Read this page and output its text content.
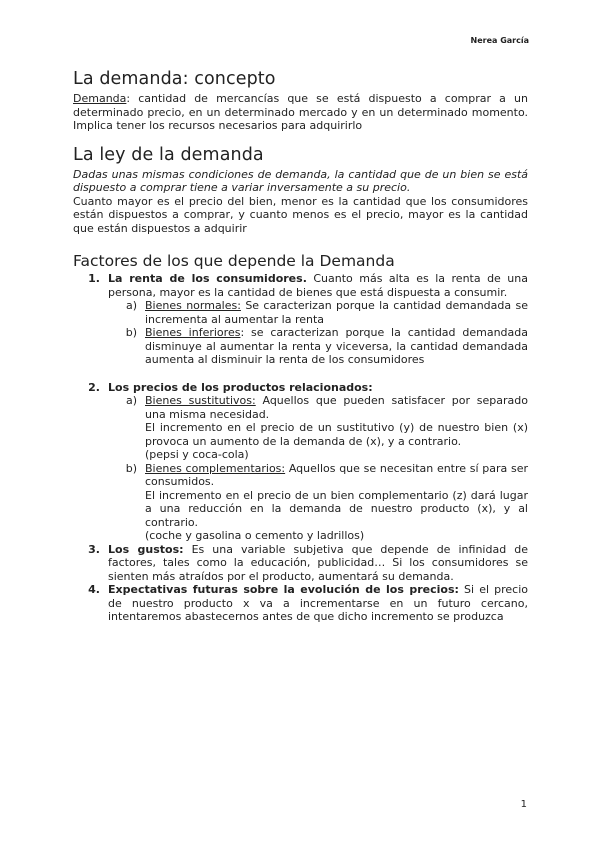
Nerea García
La demanda: concepto

Demanda: cantidad de mercancías que se está dispuesto a comprar a un determinado precio, en un determinado mercado y en un determinado momento. Implica tener los recursos necesarios para adquirirlo

La ley de la demanda

Dadas unas mismas condiciones de demanda, la cantidad que de un bien se está dispuesto a comprar tiene a variar inversamente a su precio.

Cuanto mayor es el precio del bien, menor es la cantidad que los consumidores están dispuestos a comprar, y cuanto menos es el precio, mayor es la cantidad que están dispuestos a adquirir

Factores de los que depende la Demanda
1. La renta de los consumidores. Cuanto más alta es la renta de una persona, mayor es la cantidad de bienes que está dispuesta a consumir.
a) Bienes normales: Se caracterizan porque la cantidad demandada se incrementa al aumentar la renta
b) Bienes inferiores: se caracterizan porque la cantidad demandada disminuye al aumentar la renta y viceversa, la cantidad demandada aumenta al disminuir la renta de los consumidores
2. Los precios de los productos relacionados:
a) Bienes sustitutivos: Aquellos que pueden satisfacer por separado una misma necesidad.
El incremento en el precio de un sustitutivo (y) de nuestro bien (x) provoca un aumento de la demanda de (x), y a contrario.
(pepsi y coca-cola)
b) Bienes complementarios: Aquellos que se necesitan entre sí para ser consumidos.
El incremento en el precio de un bien complementario (z) dará lugar a una reducción en la demanda de nuestro producto (x), y al contrario.
(coche y gasolina o cemento y ladrillos)
3. Los gustos: Es una variable subjetiva que depende de infinidad de factores, tales como la educación, publicidad… Si los consumidores se sienten más atraídos por el producto, aumentará su demanda.
4. Expectativas futuras sobre la evolución de los precios: Si el precio de nuestro producto x va a incrementarse en un futuro cercano, intentaremos abastecernos antes de que dicho incremento se produzca
1
